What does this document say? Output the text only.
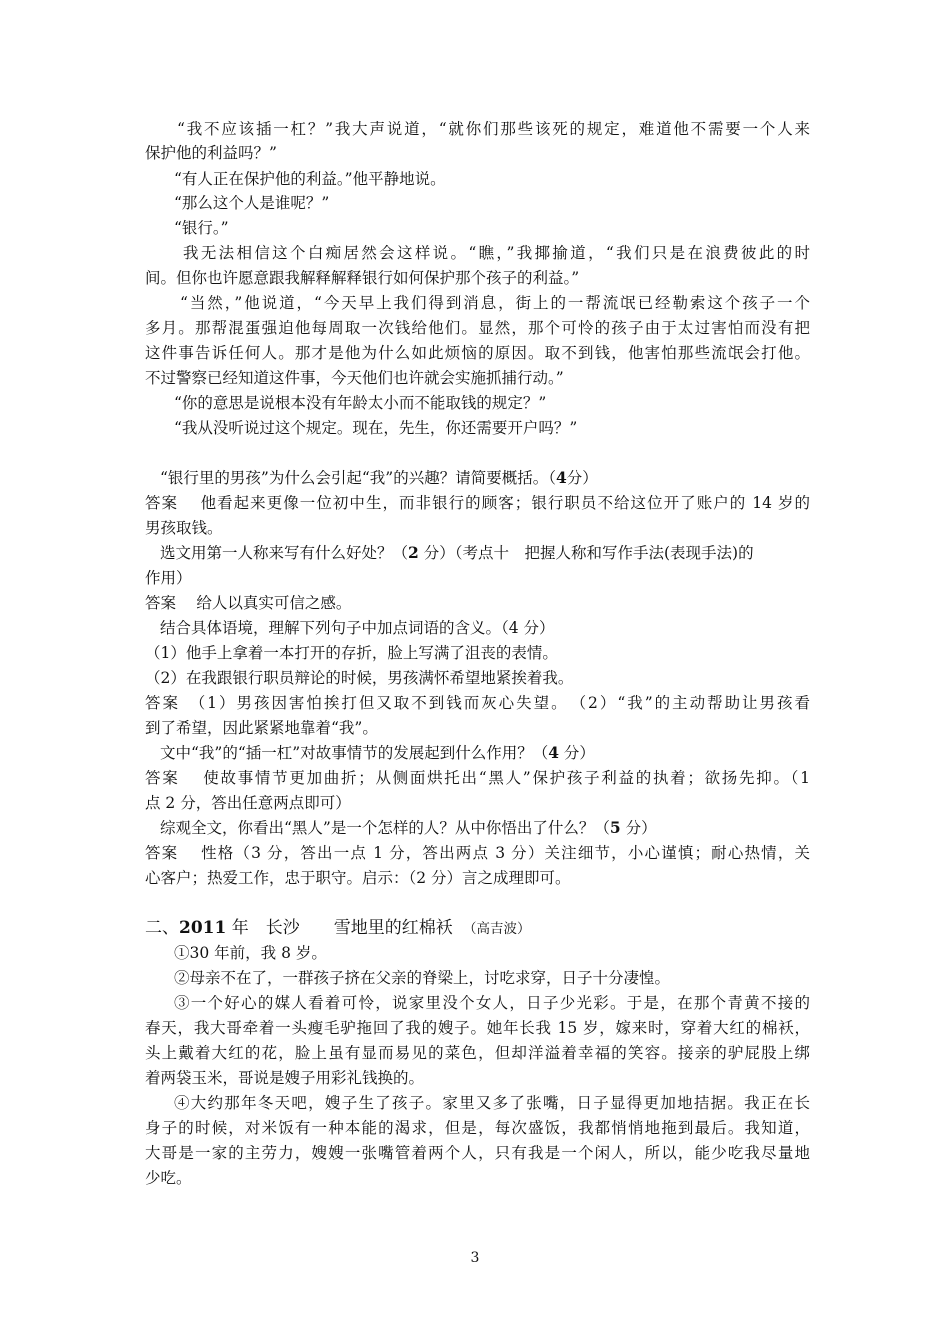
“我不应该插一杠？”我大声说道，“就你们那些该死的规定，难道他不需要一个人来
保护他的利益吗？”
“有人正在保护他的利益。”他平静地说。
“那么这个人是谁呢？”
“银行。”
我无法相信这个白痴居然会这样说。“瞧，”我揶揄道，“我们只是在浪费彼此的时
间。但你也许愿意跟我解释解释银行如何保护那个孩子的利益。”
“当然，”他说道，“今天早上我们得到消息，街上的一帮流氓已经勒索这个孩子一个
多月。那帮混蛋强迫他每周取一次钱给他们。显然，那个可怜的孩子由于太过害怕而没有把
这件事告诉任何人。那才是他为什么如此烦恼的原因。取不到钱，他害怕那些流氓会打他。
不过警察已经知道这件事，今天他们也许就会实施抓捕行动。”
“你的意思是说根本没有年龄太小而不能取钱的规定？”
“我从没听说过这个规定。现在，先生，你还需要开户吗？”
“银行里的男孩”为什么会引起“我”的兴趣？请简要概括。（4分）
答案　 他看起来更像一位初中生，而非银行的顾客；银行职员不给这位开了账户的 14 岁的
男孩取钱。
选文用第一人称来写有什么好处？（2 分）（考点十　把握人称和写作手法(表现手法)的
作用）
答案　 给人以真实可信之感。
结合具体语境，理解下列句子中加点词语的含义。（4 分）
（1）他手上拿着一本打开的存折，脸上写满了沮丧的表情。
（2）在我跟银行职员辩论的时候，男孩满怀希望地紧挨着我。
答案　（1）男孩因害怕挨打但又取不到钱而灰心失望。　（2）“我”的主动帮助让男孩看
到了希望，因此紧紧地靠着“我”。
文中“我”的“插一杠”对故事情节的发展起到什么作用？（4 分）
答案　 使故事情节更加曲折；从侧面烘托出“黑人”保护孩子利益的执着；欲扬先抑。（1
点 2 分，答出任意两点即可）
综观全文，你看出“黑人”是一个怎样的人？从中你悟出了什么？（5 分）
答案　 性格（3 分，答出一点 1 分，答出两点 3 分）关注细节，小心谨慎；耐心热情，关
心客户；热爱工作，忠于职守。启示：（2 分）言之成理即可。
二、2011 年　长沙　　雪地里的红棉袄　 （高吉波）
①30 年前，我 8 岁。
②母亲不在了，一群孩子挤在父亲的脊梁上，讨吃求穿，日子十分凄惶。
③一个好心的媒人看着可怜，说家里没个女人，日子少光彩。于是，在那个青黄不接的
春天，我大哥牵着一头瘦毛驴拖回了我的嫂子。她年长我 15 岁，嫁来时，穿着大红的棉袄，
头上戴着大红的花，脸上虽有显而易见的菜色，但却洋溢着幸福的笑容。接亲的驴屁股上绑
着两袋玉米，哥说是嫂子用彩礼钱换的。
④大约那年冬天吧，嫂子生了孩子。家里又多了张嘴，日子显得更加地拮据。我正在长
身子的时候，对米饭有一种本能的渴求，但是，每次盛饭，我都悄悄地拖到最后。我知道，
大哥是一家的主劳力，嫂嫂一张嘴管着两个人，只有我是一个闲人，所以，能少吃我尽量地
少吃。
3
